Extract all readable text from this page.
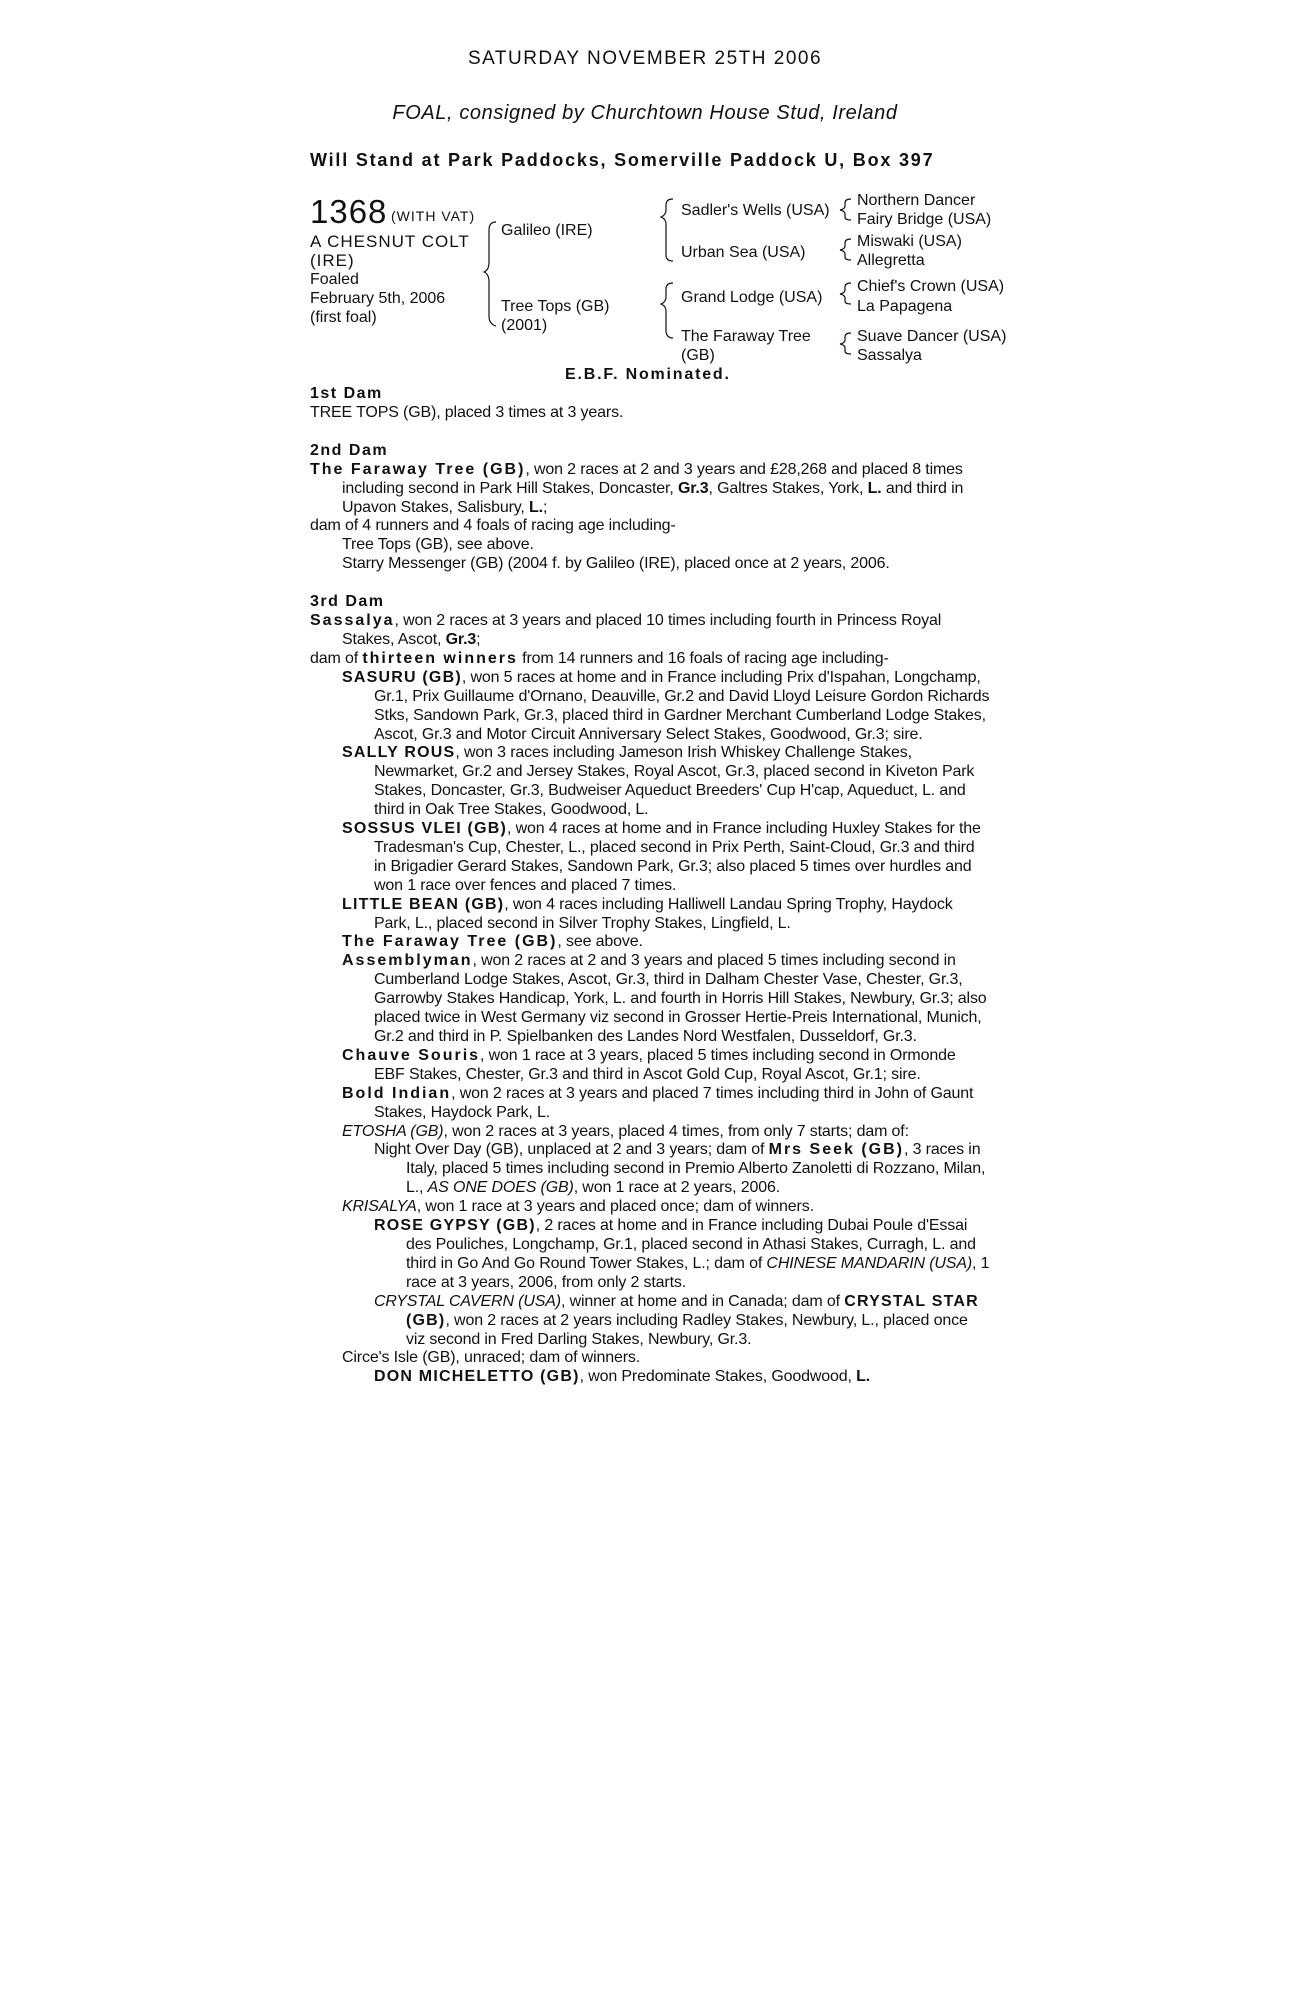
SATURDAY NOVEMBER 25TH 2006
FOAL, consigned by Churchtown House Stud, Ireland
Will Stand at Park Paddocks, Somerville Paddock U, Box 397
1368 (WITH VAT)
A CHESNUT COLT
(IRE)
Foaled
February 5th, 2006
(first foal)
Galileo (IRE)
Tree Tops (GB)
(2001)
Sadler's Wells (USA)
Urban Sea (USA)
Grand Lodge (USA)
The Faraway Tree
(GB)
Northern Dancer
Fairy Bridge (USA)
Miswaki (USA)
Allegretta
Chief's Crown (USA)
La Papagena
Suave Dancer (USA)
Sassalya
E.B.F. Nominated.

1st Dam

TREE TOPS (GB), placed 3 times at 3 years.

2nd Dam

The Faraway Tree (GB), won 2 races at 2 and 3 years and £28,268 and placed 8 times including second in Park Hill Stakes, Doncaster, Gr.3, Galtres Stakes, York, L. and third in Upavon Stakes, Salisbury, L.;

dam of 4 runners and 4 foals of racing age including-

Tree Tops (GB), see above.

Starry Messenger (GB) (2004 f. by Galileo (IRE), placed once at 2 years, 2006.

3rd Dam

Sassalya, won 2 races at 3 years and placed 10 times including fourth in Princess Royal Stakes, Ascot, Gr.3;

dam of thirteen winners from 14 runners and 16 foals of racing age including-

SASURU (GB), won 5 races at home and in France including Prix d'Ispahan, Longchamp, Gr.1, Prix Guillaume d'Ornano, Deauville, Gr.2 and David Lloyd Leisure Gordon Richards Stks, Sandown Park, Gr.3, placed third in Gardner Merchant Cumberland Lodge Stakes, Ascot, Gr.3 and Motor Circuit Anniversary Select Stakes, Goodwood, Gr.3; sire.

SALLY ROUS, won 3 races including Jameson Irish Whiskey Challenge Stakes, Newmarket, Gr.2 and Jersey Stakes, Royal Ascot, Gr.3, placed second in Kiveton Park Stakes, Doncaster, Gr.3, Budweiser Aqueduct Breeders' Cup H'cap, Aqueduct, L. and third in Oak Tree Stakes, Goodwood, L.

SOSSUS VLEI (GB), won 4 races at home and in France including Huxley Stakes for the Tradesman's Cup, Chester, L., placed second in Prix Perth, Saint-Cloud, Gr.3 and third in Brigadier Gerard Stakes, Sandown Park, Gr.3; also placed 5 times over hurdles and won 1 race over fences and placed 7 times.

LITTLE BEAN (GB), won 4 races including Halliwell Landau Spring Trophy, Haydock Park, L., placed second in Silver Trophy Stakes, Lingfield, L.

The Faraway Tree (GB), see above.

Assemblyman, won 2 races at 2 and 3 years and placed 5 times including second in Cumberland Lodge Stakes, Ascot, Gr.3, third in Dalham Chester Vase, Chester, Gr.3, Garrowby Stakes Handicap, York, L. and fourth in Horris Hill Stakes, Newbury, Gr.3; also placed twice in West Germany viz second in Grosser Hertie-Preis International, Munich, Gr.2 and third in P. Spielbanken des Landes Nord Westfalen, Dusseldorf, Gr.3.

Chauve Souris, won 1 race at 3 years, placed 5 times including second in Ormonde EBF Stakes, Chester, Gr.3 and third in Ascot Gold Cup, Royal Ascot, Gr.1; sire.

Bold Indian, won 2 races at 3 years and placed 7 times including third in John of Gaunt Stakes, Haydock Park, L.

ETOSHA (GB), won 2 races at 3 years, placed 4 times, from only 7 starts; dam of:

Night Over Day (GB), unplaced at 2 and 3 years; dam of Mrs Seek (GB), 3 races in Italy, placed 5 times including second in Premio Alberto Zanoletti di Rozzano, Milan, L., AS ONE DOES (GB), won 1 race at 2 years, 2006.

KRISALYA, won 1 race at 3 years and placed once; dam of winners.

ROSE GYPSY (GB), 2 races at home and in France including Dubai Poule d'Essai des Pouliches, Longchamp, Gr.1, placed second in Athasi Stakes, Curragh, L. and third in Go And Go Round Tower Stakes, L.; dam of CHINESE MANDARIN (USA), 1 race at 3 years, 2006, from only 2 starts.

CRYSTAL CAVERN (USA), winner at home and in Canada; dam of CRYSTAL STAR (GB), won 2 races at 2 years including Radley Stakes, Newbury, L., placed once viz second in Fred Darling Stakes, Newbury, Gr.3.

Circe's Isle (GB), unraced; dam of winners.

DON MICHELETTO (GB), won Predominate Stakes, Goodwood, L.
